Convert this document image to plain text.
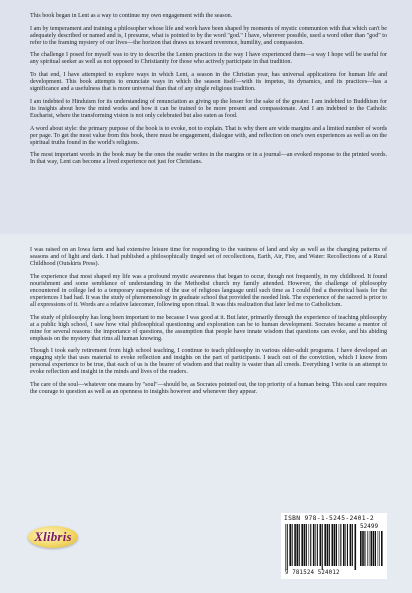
This book began in Lent as a way to continue my own engagement with the season.

I am by temperament and training a philosopher whose life and work have been shaped by moments of mystic communion with that which can't be adequately described or named and is, I presume, what is pointed to by the word "god." I have, wherever possible, used a word other than "god" to refer to the framing mystery of our lives—the horizon that draws us toward reverence, humility, and compassion.

The challenge I posed for myself was to try to describe the Lenten practices in the way I have experienced them—a way I hope will be useful for any spiritual seeker as well as not opposed to Christianity for those who actively participate in that tradition.

To that end, I have attempted to explore ways in which Lent, a season in the Christian year, has universal applications for human life and development. This book attempts to enunciate ways in which the season itself—with its impetus, its dynamics, and its practices—has a significance and a usefulness that is more universal than that of any single religious tradition.

I am indebted to Hinduism for its understanding of renunciation as giving up the lesser for the sake of the greater. I am indebted to Buddhism for its insights about how the mind works and how it can be trained to be more present and compassionate. And I am indebted to the Catholic Eucharist, where the transforming vision is not only celebrated but also eaten as food.

A word about style: the primary purpose of the book is to evoke, not to explain. That is why there are wide margins and a limited number of words per page. To get the most value from this book, there must be engagement, dialogue with, and reflection on one's own experiences as well as on the spiritual truths found in the world's religions.

The most important words in the book may be the ones the reader writes in the margins or in a journal—an evoked response to the printed words. In that way, Lent can become a lived experience not just for Christians.

I was raised on an Iowa farm and had extensive leisure time for responding to the vastness of land and sky as well as the changing patterns of seasons and of light and dark. I had published a philosophically tinged set of recollections, Earth, Air, Fire, and Water: Recollections of a Rural Childhood (Outskirts Press).

The experience that most shaped my life was a profound mystic awareness that began to occur, though not frequently, in my childhood. It found nourishment and some semblance of understanding in the Methodist church my family attended. However, the challenge of philosophy encountered in college led to a temporary suspension of the use of religious language until such time as I could find a theoretical basis for the experiences I had had. It was the study of phenomenology in graduate school that provided the needed link. The experience of the sacred is prior to all expressions of it. Words are a relative latecomer, following upon ritual. It was this realization that later led me to Catholicism.

The study of philosophy has long been important to me because I was good at it. But later, primarily through the experience of teaching philosophy at a public high school, I saw how vital philosophical questioning and exploration can be to human development. Socrates became a mentor of mine for several reasons: the importance of questions, the assumption that people have innate wisdom that questions can evoke, and his abiding emphasis on the mystery that rims all human knowing.

Though I took early retirement from high school teaching, I continue to teach philosophy in various older-adult programs. I have developed an engaging style that uses material to evoke reflection and insights on the part of participants. I teach out of the conviction, which I know from personal experience to be true, that each of us is the bearer of wisdom and that reality is vaster than all creeds. Everything I write is an attempt to evoke reflection and insight in the minds and lives of the readers.

The care of the soul—whatever one means by "soul"—should be, as Socrates pointed out, the top priority of a human being. This soul care requires the courage to question as well as an openness to insights however and whenever they appear.

Xlibris
ISBN 978-1-5245-2401-2
52499
9 781524 524012
